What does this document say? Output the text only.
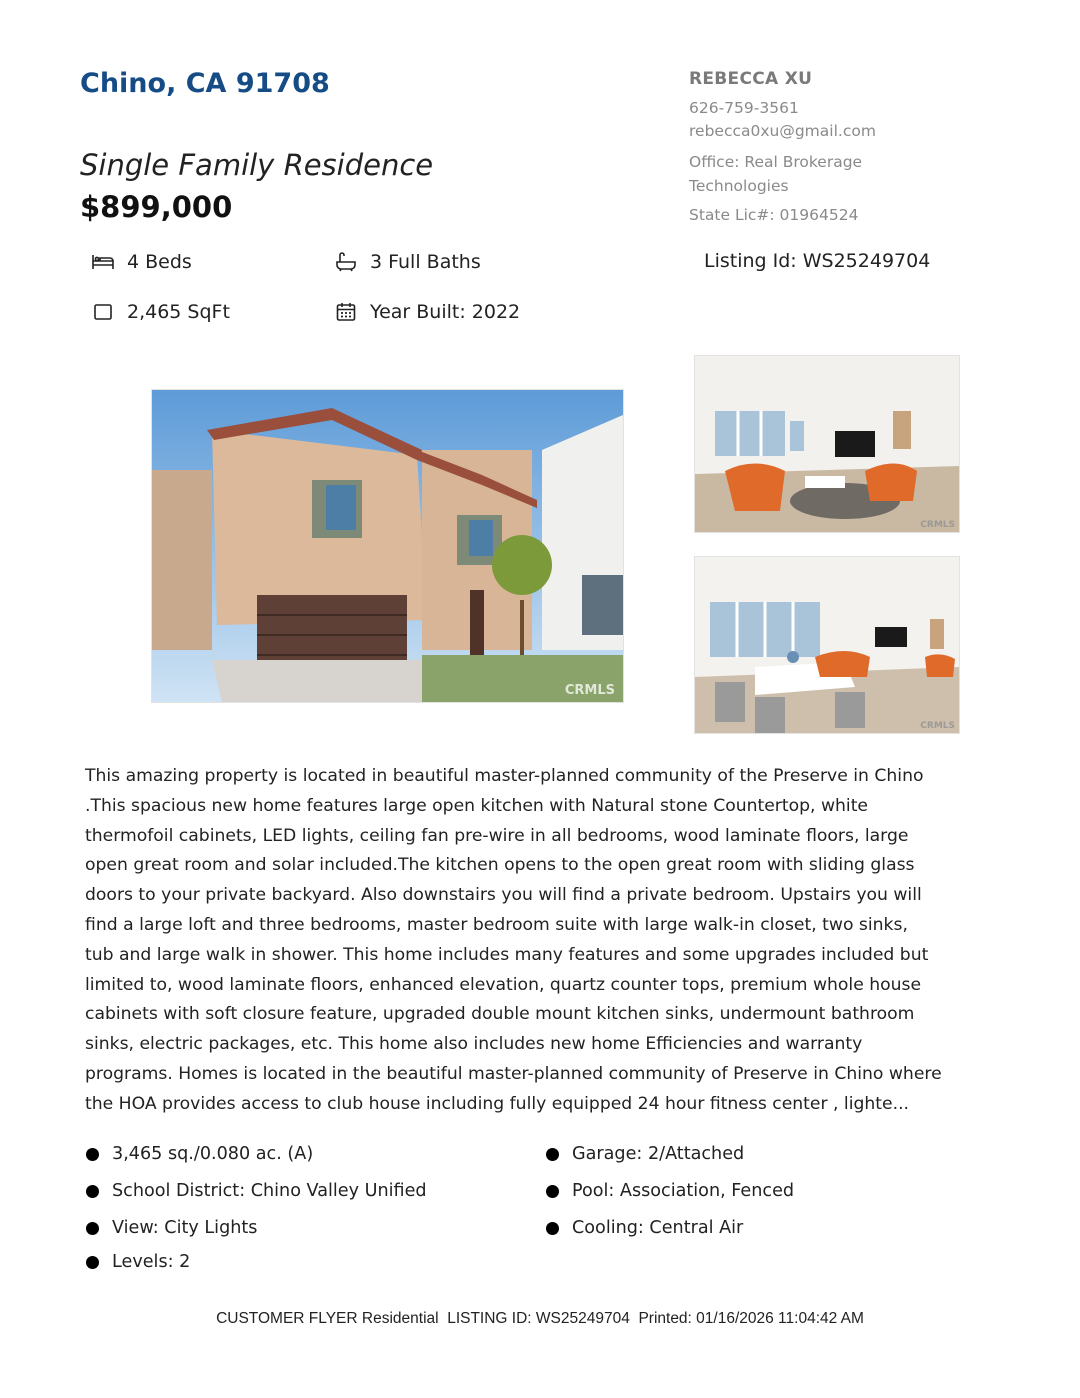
Chino, CA 91708
Single Family Residence
$899,000
REBECCA XU
626-759-3561
rebecca0xu@gmail.com
Office: Real Brokerage
Technologies
State Lic#: 01964524
4 Beds	3 Full Baths
2,465 SqFt	Year Built: 2022
Listing Id: WS25249704
CRMLS
CRMLS
CRMLS
This amazing property is located in beautiful master-planned community of the Preserve in Chino
.This spacious new home features large open kitchen with Natural stone Countertop, white
thermofoil cabinets, LED lights, ceiling fan pre-wire in all bedrooms, wood laminate floors, large
open great room and solar included.The kitchen opens to the open great room with sliding glass
doors to your private backyard. Also downstairs you will find a private bedroom. Upstairs you will
find a large loft and three bedrooms, master bedroom suite with large walk-in closet, two sinks,
tub and large walk in shower. This home includes many features and some upgrades included but
limited to, wood laminate floors, enhanced elevation, quartz counter tops, premium whole house
cabinets with soft closure feature, upgraded double mount kitchen sinks, undermount bathroom
sinks, electric packages, etc. This home also includes new home Efficiencies and warranty
programs. Homes is located in the beautiful master-planned community of Preserve in Chino where
the HOA provides access to club house including fully equipped 24 hour fitness center , lighte...
3,465 sq./0.080 ac. (A)
School District: Chino Valley Unified
View: City Lights
Levels: 2
Garage: 2/Attached
Pool: Association, Fenced
Cooling: Central Air
CUSTOMER FLYER Residential  LISTING ID: WS25249704  Printed: 01/16/2026 11:04:42 AM
